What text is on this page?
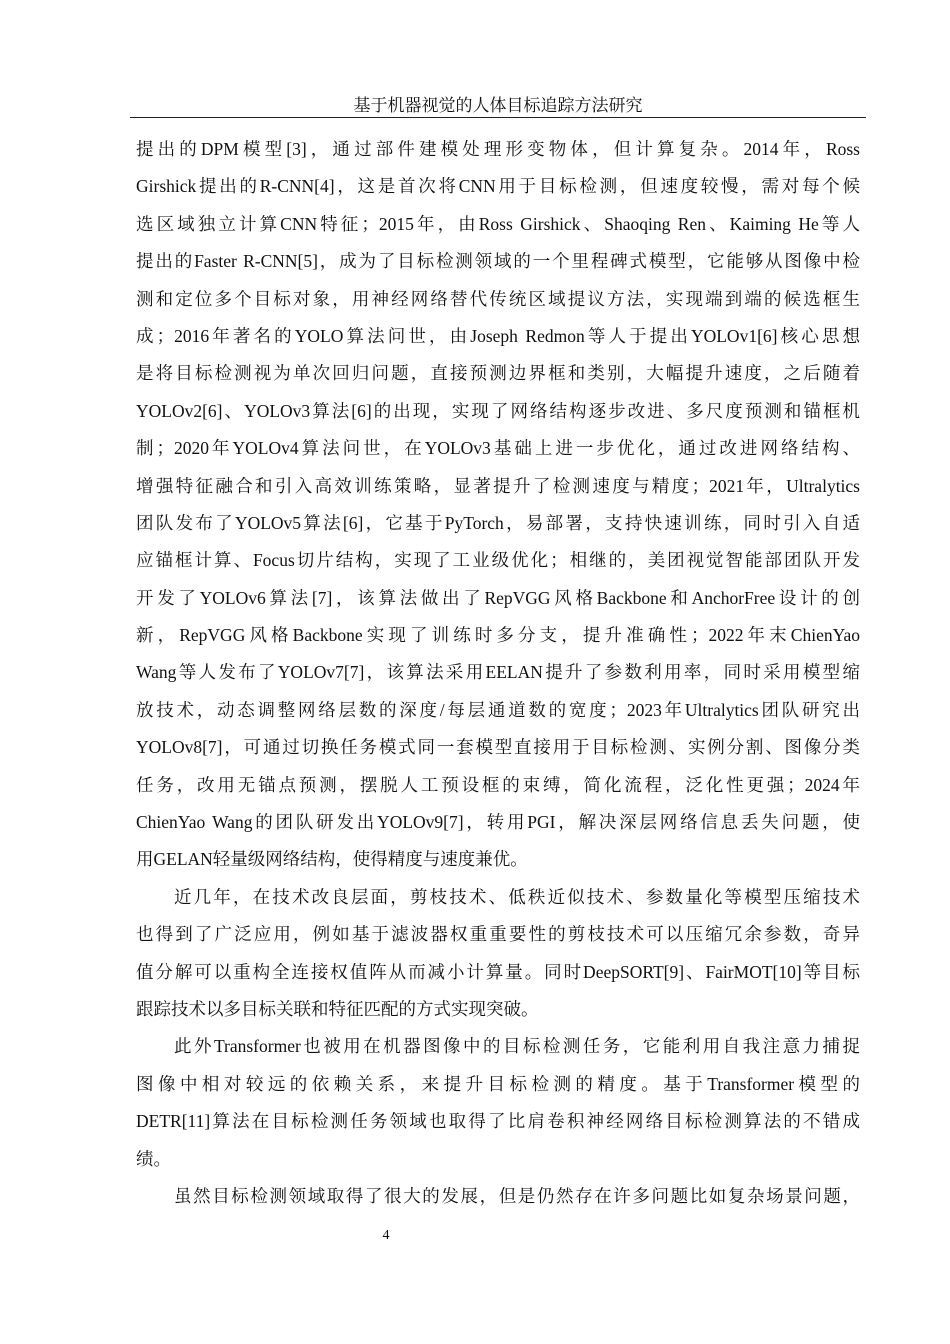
基于机器视觉的人体目标追踪方法研究
提出的DPM模型[3]，通过部件建模处理形变物体，但计算复杂。2014年，Ross
Girshick提出的R-CNN[4]，这是首次将CNN用于目标检测，但速度较慢，需对每个候
选区域独立计算CNN特征；2015年，由Ross Girshick、Shaoqing Ren、Kaiming He等人
提出的Faster R-CNN[5]，成为了目标检测领域的一个里程碑式模型，它能够从图像中检
测和定位多个目标对象，用神经网络替代传统区域提议方法，实现端到端的候选框生
成；2016年著名的YOLO算法问世，由Joseph Redmon等人于提出YOLOv1[6]核心思想
是将目标检测视为单次回归问题，直接预测边界框和类别，大幅提升速度，之后随着
YOLOv2[6]、YOLOv3算法[6]的出现，实现了网络结构逐步改进、多尺度预测和锚框机
制；2020年YOLOv4算法问世，在YOLOv3基础上进一步优化，通过改进网络结构、
增强特征融合和引入高效训练策略，显著提升了检测速度与精度；2021年，Ultralytics
团队发布了YOLOv5算法[6]，它基于PyTorch，易部署，支持快速训练，同时引入自适
应锚框计算、Focus切片结构，实现了工业级优化；相继的，美团视觉智能部团队开发
开发了YOLOv6算法[7]，该算法做出了RepVGG风格Backbone和AnchorFree设计的创
新，RepVGG风格Backbone实现了训练时多分支，提升准确性；2022年末ChienYao
Wang等人发布了YOLOv7[7]，该算法采用EELAN提升了参数利用率，同时采用模型缩
放技术，动态调整网络层数的深度/每层通道数的宽度；2023年Ultralytics团队研究出
YOLOv8[7]，可通过切换任务模式同一套模型直接用于目标检测、实例分割、图像分类
任务，改用无锚点预测，摆脱人工预设框的束缚，简化流程，泛化性更强；2024年
ChienYao Wang的团队研发出YOLOv9[7]，转用PGI，解决深层网络信息丢失问题，使
用GELAN轻量级网络结构，使得精度与速度兼优。
近几年，在技术改良层面，剪枝技术、低秩近似技术、参数量化等模型压缩技术
也得到了广泛应用，例如基于滤波器权重重要性的剪枝技术可以压缩冗余参数，奇异
值分解可以重构全连接权值阵从而减小计算量。同时DeepSORT[9]、FairMOT[10]等目标
跟踪技术以多目标关联和特征匹配的方式实现突破。
此外Transformer也被用在机器图像中的目标检测任务，它能利用自我注意力捕捉
图像中相对较远的依赖关系，来提升目标检测的精度。基于Transformer模型的
DETR[11]算法在目标检测任务领域也取得了比肩卷积神经网络目标检测算法的不错成
绩。
虽然目标检测领域取得了很大的发展，但是仍然存在许多问题比如复杂场景问题，
4
